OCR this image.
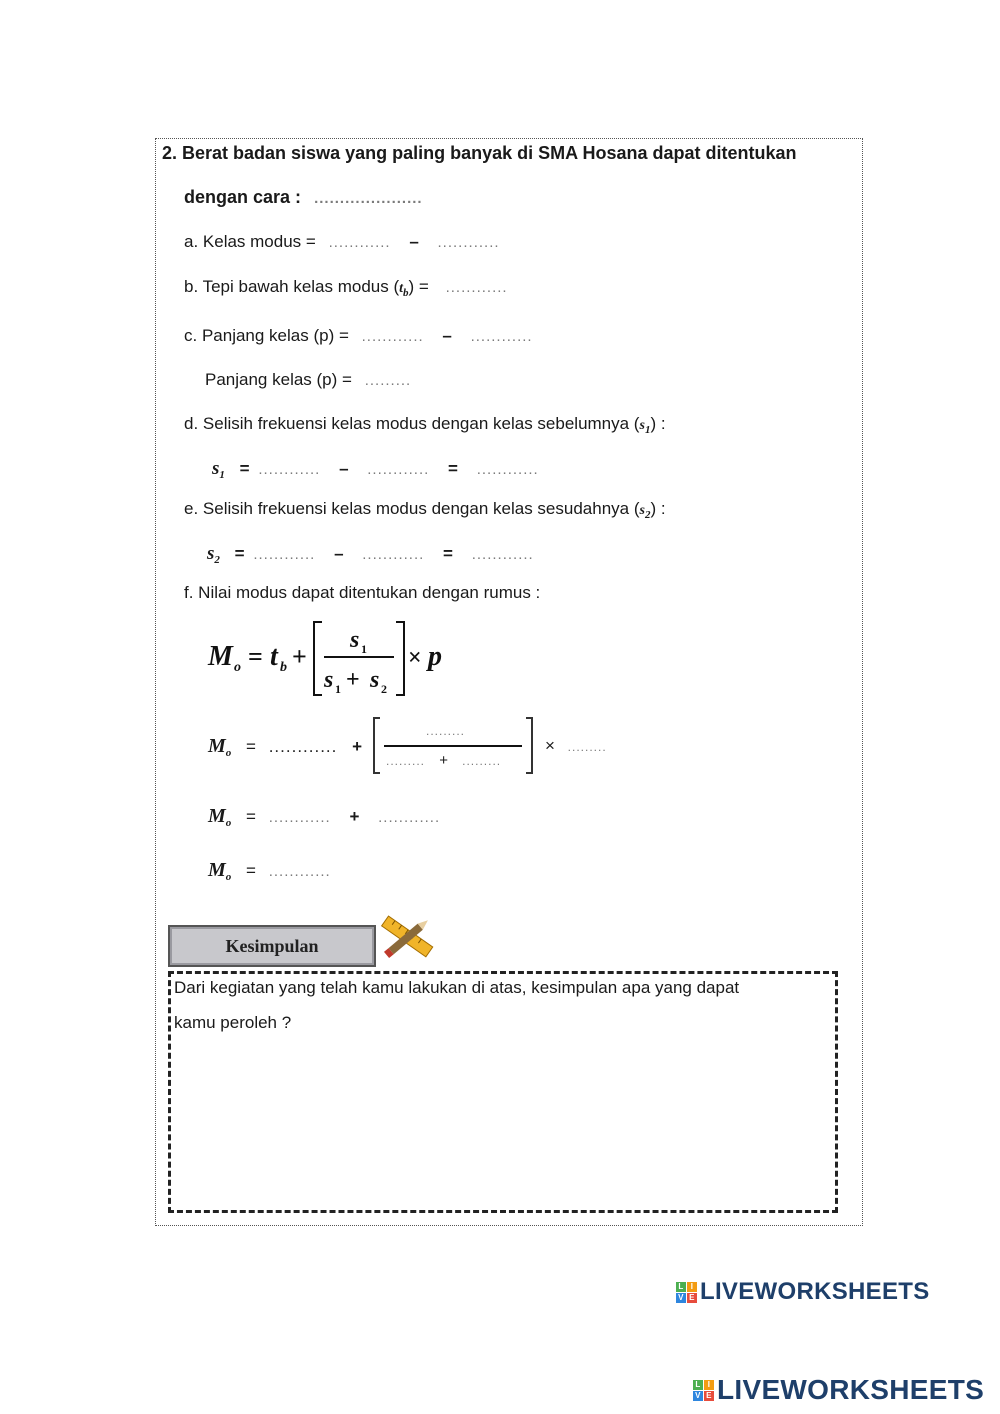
2. Berat badan siswa yang paling banyak di SMA Hosana dapat ditentukan
dengan cara : .....................
a. Kelas modus = ............ – ............
b. Tepi bawah kelas modus $(t_b)$ = ............
c. Panjang kelas (p) = ............ – ............
Panjang kelas (p) = .........
d. Selisih frekuensi kelas modus dengan kelas sebelumnya $(s_1)$ :
$s_1$ = ............ – ............ = ............
e. Selisih frekuensi kelas modus dengan kelas sesudahnya $(s_2)$ :
$s_2$ = ............ – ............ = ............
f. Nilai modus dapat ditentukan dengan rumus :
M o = t b +
s 1
s 1 + s 2
× p
$M_o$ = ............ +
.........
......... + .........
× .........
$M_o$ = ............ + ............
$M_o$ = ............
Kesimpulan
Dari kegiatan yang telah kamu lakukan di atas, kesimpulan apa yang dapat
kamu peroleh ?
L I
V E LIVEWORKSHEETS
L I
V E LIVEWORKSHEETS
